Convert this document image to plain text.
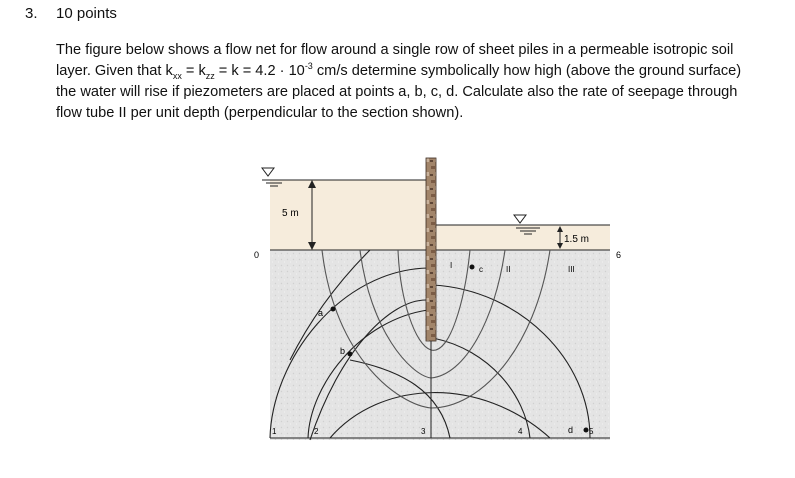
3. 10 points

The figure below shows a flow net for flow around a single row of sheet piles in a permeable isotropic soil

layer. Given that $k_{xx} = k_{zz} = k = 4.2 \cdot 10^{-3}$ cm/s determine symbolically how high (above the ground surface)

the water will rise if piezometers are placed at points a, b, c, d. Calculate also the rate of seepage through

flow tube II per unit depth (perpendicular to the section shown).

5 m
1.5 m
0	6
I	II	III
a
b
c
d
1	2	3	4	5
